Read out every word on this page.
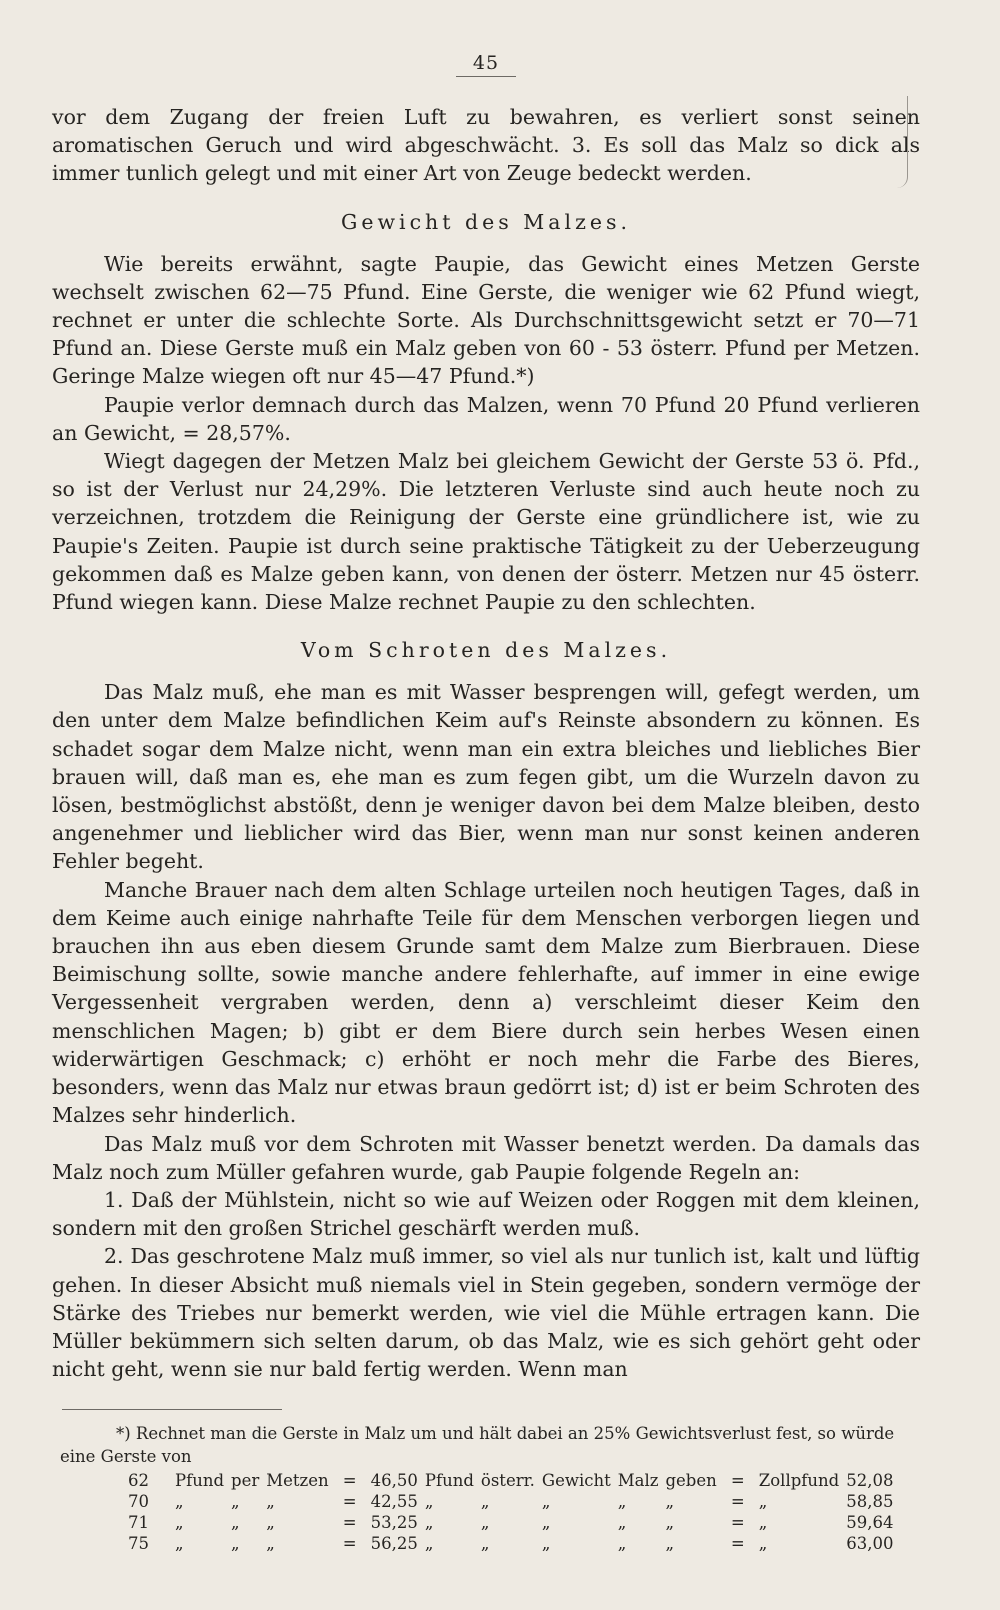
45

vor dem Zugang der freien Luft zu bewahren, es verliert sonst seinen aromatischen Geruch und wird abgeschwächt. 3. Es soll das Malz so dick als immer tunlich gelegt und mit einer Art von Zeuge bedeckt werden.

Gewicht des Malzes.

Wie bereits erwähnt, sagte Paupie, das Gewicht eines Metzen Gerste wechselt zwischen 62—75 Pfund. Eine Gerste, die weniger wie 62 Pfund wiegt, rechnet er unter die schlechte Sorte. Als Durchschnittsgewicht setzt er 70—71 Pfund an. Diese Gerste muß ein Malz geben von 60 - 53 österr. Pfund per Metzen. Geringe Malze wiegen oft nur 45—47 Pfund.*)

Paupie verlor demnach durch das Malzen, wenn 70 Pfund 20 Pfund verlieren an Gewicht, = 28,57%.

Wiegt dagegen der Metzen Malz bei gleichem Gewicht der Gerste 53 ö. Pfd., so ist der Verlust nur 24,29%. Die letzteren Verluste sind auch heute noch zu verzeichnen, trotzdem die Reinigung der Gerste eine gründlichere ist, wie zu Paupie's Zeiten. Paupie ist durch seine praktische Tätigkeit zu der Ueberzeugung gekommen daß es Malze geben kann, von denen der österr. Metzen nur 45 österr. Pfund wiegen kann. Diese Malze rechnet Paupie zu den schlechten.

Vom Schroten des Malzes.

Das Malz muß, ehe man es mit Wasser besprengen will, gefegt werden, um den unter dem Malze befindlichen Keim auf's Reinste absondern zu können. Es schadet sogar dem Malze nicht, wenn man ein extra bleiches und liebliches Bier brauen will, daß man es, ehe man es zum fegen gibt, um die Wurzeln davon zu lösen, bestmöglichst abstößt, denn je weniger davon bei dem Malze bleiben, desto angenehmer und lieblicher wird das Bier, wenn man nur sonst keinen anderen Fehler begeht.

Manche Brauer nach dem alten Schlage urteilen noch heutigen Tages, daß in dem Keime auch einige nahrhafte Teile für dem Menschen verborgen liegen und brauchen ihn aus eben diesem Grunde samt dem Malze zum Bierbrauen. Diese Beimischung sollte, sowie manche andere fehlerhafte, auf immer in eine ewige Vergessenheit vergraben werden, denn a) verschleimt dieser Keim den menschlichen Magen; b) gibt er dem Biere durch sein herbes Wesen einen widerwärtigen Geschmack; c) erhöht er noch mehr die Farbe des Bieres, besonders, wenn das Malz nur etwas braun gedörrt ist; d) ist er beim Schroten des Malzes sehr hinderlich.

Das Malz muß vor dem Schroten mit Wasser benetzt werden. Da damals das Malz noch zum Müller gefahren wurde, gab Paupie folgende Regeln an:

1. Daß der Mühlstein, nicht so wie auf Weizen oder Roggen mit dem kleinen, sondern mit den großen Strichel geschärft werden muß.

2. Das geschrotene Malz muß immer, so viel als nur tunlich ist, kalt und lüftig gehen. In dieser Absicht muß niemals viel in Stein gegeben, sondern vermöge der Stärke des Triebes nur bemerkt werden, wie viel die Mühle ertragen kann. Die Müller bekümmern sich selten darum, ob das Malz, wie es sich gehört geht oder nicht geht, wenn sie nur bald fertig werden. Wenn man

*) Rechnet man die Gerste in Malz um und hält dabei an 25% Gewichtsverlust fest, so würde eine Gerste von

62	Pfund	per	Metzen	=	46,50	Pfund	österr.	Gewicht	Malz	geben	=	Zollpfund	52,08
70	„	„	„	=	42,55	„	„	„	„	„	=	„	58,85
71	„	„	„	=	53,25	„	„	„	„	„	=	„	59,64
75	„	„	„	=	56,25	„	„	„	„	„	=	„	63,00
